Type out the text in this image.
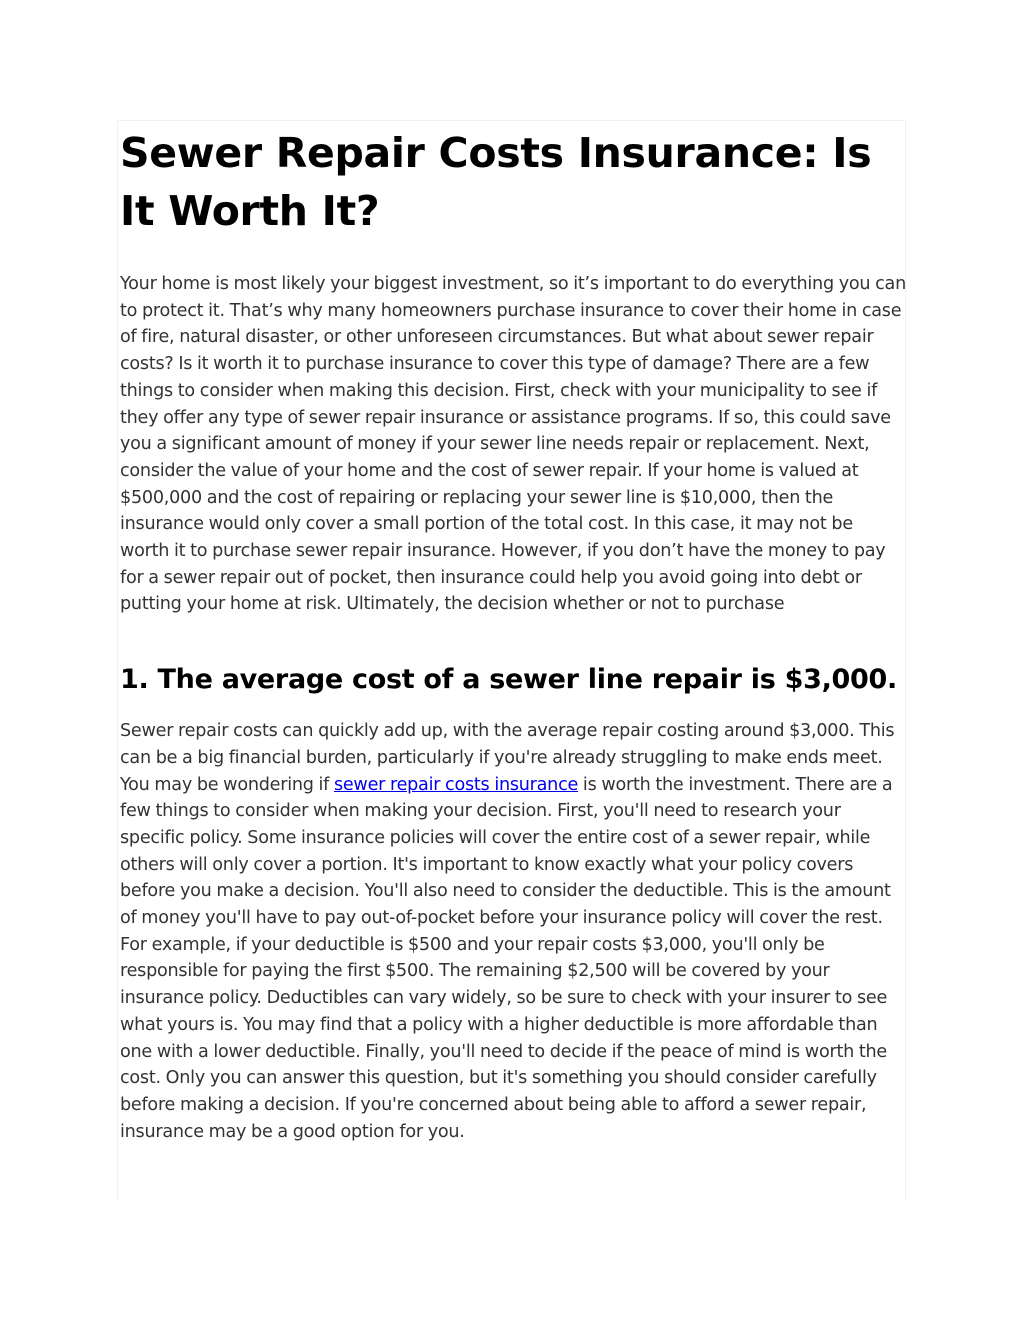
Sewer Repair Costs Insurance: Is It Worth It?

Your home is most likely your biggest investment, so it’s important to do everything you can to protect it. That’s why many homeowners purchase insurance to cover their home in case of fire, natural disaster, or other unforeseen circumstances. But what about sewer repair costs? Is it worth it to purchase insurance to cover this type of damage? There are a few things to consider when making this decision. First, check with your municipality to see if they offer any type of sewer repair insurance or assistance programs. If so, this could save you a significant amount of money if your sewer line needs repair or replacement. Next, consider the value of your home and the cost of sewer repair. If your home is valued at $500,000 and the cost of repairing or replacing your sewer line is $10,000, then the insurance would only cover a small portion of the total cost. In this case, it may not be worth it to purchase sewer repair insurance. However, if you don’t have the money to pay for a sewer repair out of pocket, then insurance could help you avoid going into debt or putting your home at risk. Ultimately, the decision whether or not to purchase

1. The average cost of a sewer line repair is $3,000.

Sewer repair costs can quickly add up, with the average repair costing around $3,000. This can be a big financial burden, particularly if you're already struggling to make ends meet. You may be wondering if sewer repair costs insurance is worth the investment. There are a few things to consider when making your decision. First, you'll need to research your specific policy. Some insurance policies will cover the entire cost of a sewer repair, while others will only cover a portion. It's important to know exactly what your policy covers before you make a decision. You'll also need to consider the deductible. This is the amount of money you'll have to pay out-of-pocket before your insurance policy will cover the rest. For example, if your deductible is $500 and your repair costs $3,000, you'll only be responsible for paying the first $500. The remaining $2,500 will be covered by your insurance policy. Deductibles can vary widely, so be sure to check with your insurer to see what yours is. You may find that a policy with a higher deductible is more affordable than one with a lower deductible. Finally, you'll need to decide if the peace of mind is worth the cost. Only you can answer this question, but it's something you should consider carefully before making a decision. If you're concerned about being able to afford a sewer repair, insurance may be a good option for you.
